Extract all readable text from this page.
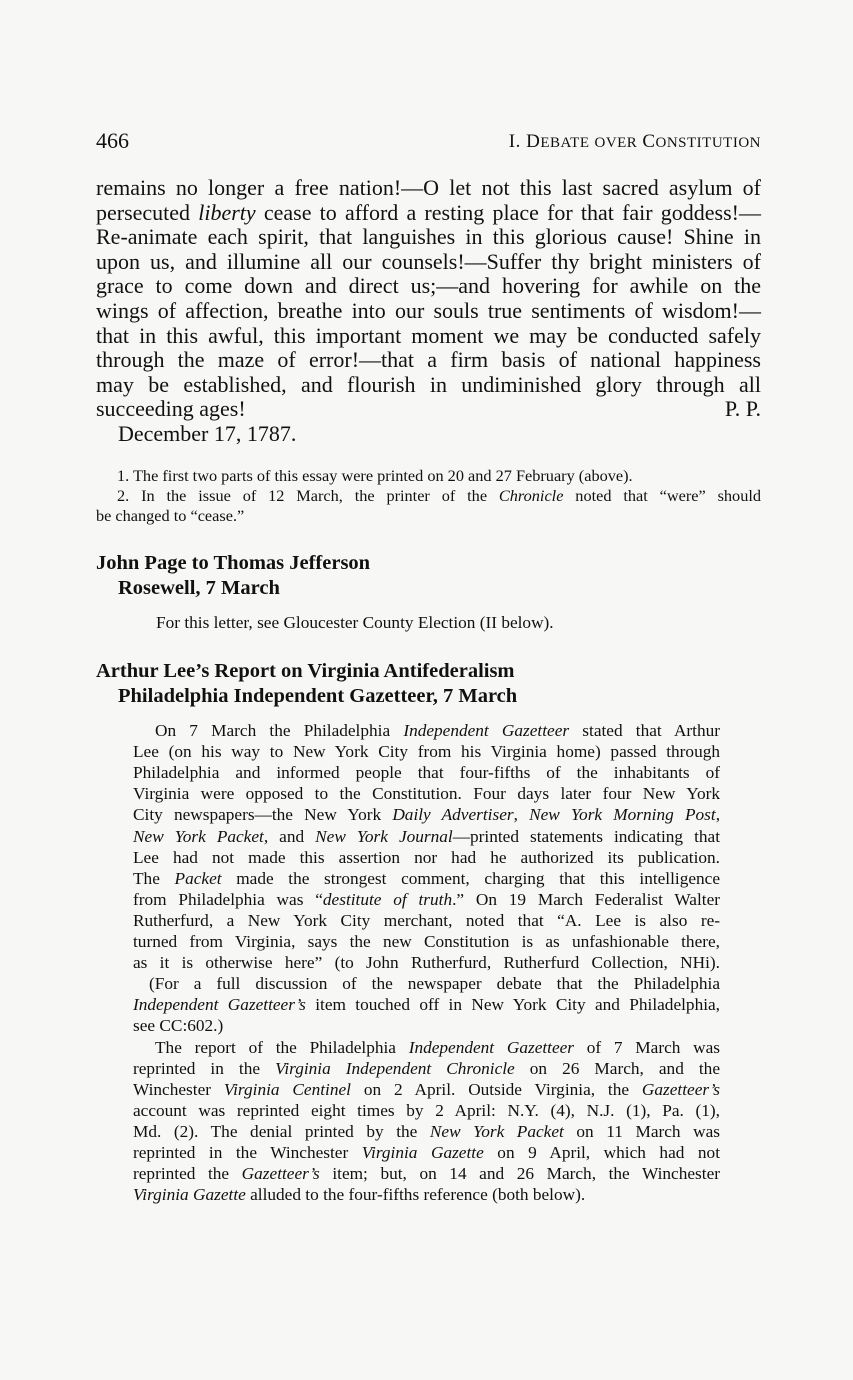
466	I. DEBATE OVER CONSTITUTION
remains no longer a free nation!—O let not this last sacred asylum of
persecuted liberty cease to afford a resting place for that fair goddess!—
Re-animate each spirit, that languishes in this glorious cause! Shine in
upon us, and illumine all our counsels!—Suffer thy bright ministers of
grace to come down and direct us;—and hovering for awhile on the
wings of affection, breathe into our souls true sentiments of wisdom!—
that in this awful, this important moment we may be conducted safely
through the maze of error!—that a firm basis of national happiness
may be established, and flourish in undiminished glory through all
succeeding ages!	P. P.
December 17, 1787.
1. The first two parts of this essay were printed on 20 and 27 February (above).
2. In the issue of 12 March, the printer of the Chronicle noted that “were” should
be changed to “cease.”
John Page to Thomas Jefferson
Rosewell, 7 March
For this letter, see Gloucester County Election (II below).
Arthur Lee’s Report on Virginia Antifederalism
Philadelphia Independent Gazetteer, 7 March
On 7 March the Philadelphia Independent Gazetteer stated that Arthur
Lee (on his way to New York City from his Virginia home) passed through
Philadelphia and informed people that four-fifths of the inhabitants of
Virginia were opposed to the Constitution. Four days later four New York
City newspapers—the New York Daily Advertiser, New York Morning Post,
New York Packet, and New York Journal—printed statements indicating that
Lee had not made this assertion nor had he authorized its publication.
The Packet made the strongest comment, charging that this intelligence
from Philadelphia was “destitute of truth.” On 19 March Federalist Walter
Rutherfurd, a New York City merchant, noted that “A. Lee is also re-
turned from Virginia, says the new Constitution is as unfashionable there,
as it is otherwise here” (to John Rutherfurd, Rutherfurd Collection, NHi).
(For a full discussion of the newspaper debate that the Philadelphia
Independent Gazetteer’s item touched off in New York City and Philadelphia,
see CC:602.)
The report of the Philadelphia Independent Gazetteer of 7 March was
reprinted in the Virginia Independent Chronicle on 26 March, and the
Winchester Virginia Centinel on 2 April. Outside Virginia, the Gazetteer’s
account was reprinted eight times by 2 April: N.Y. (4), N.J. (1), Pa. (1),
Md. (2). The denial printed by the New York Packet on 11 March was
reprinted in the Winchester Virginia Gazette on 9 April, which had not
reprinted the Gazetteer’s item; but, on 14 and 26 March, the Winchester
Virginia Gazette alluded to the four-fifths reference (both below).
